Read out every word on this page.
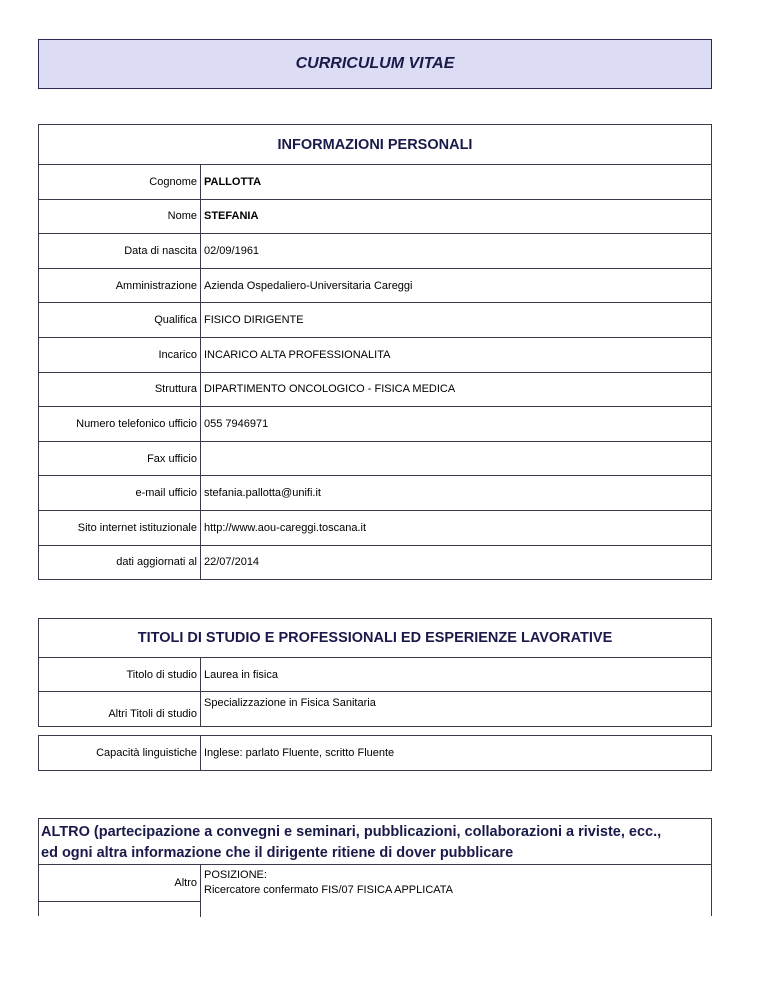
CURRICULUM VITAE
INFORMAZIONI PERSONALI
Cognome PALLOTTA
Nome STEFANIA
Data di nascita 02/09/1961
Amministrazione Azienda Ospedaliero-Universitaria Careggi
Qualifica FISICO DIRIGENTE
Incarico INCARICO ALTA PROFESSIONALITA
Struttura DIPARTIMENTO ONCOLOGICO - FISICA MEDICA
Numero telefonico ufficio 055 7946971
Fax ufficio
e-mail ufficio stefania.pallotta@unifi.it
Sito internet istituzionale http://www.aou-careggi.toscana.it
dati aggiornati al 22/07/2014
TITOLI DI STUDIO E PROFESSIONALI ED ESPERIENZE LAVORATIVE
Titolo di studio Laurea in fisica
Altri Titoli di studio
Specializzazione in Fisica Sanitaria
Capacità linguistiche Inglese: parlato Fluente, scritto Fluente
ALTRO (partecipazione a convegni e seminari, pubblicazioni, collaborazioni a riviste, ecc.,
ed ogni altra informazione che il dirigente ritiene di dover pubblicare
Altro
POSIZIONE:
Ricercatore confermato FIS/07 FISICA APPLICATA
